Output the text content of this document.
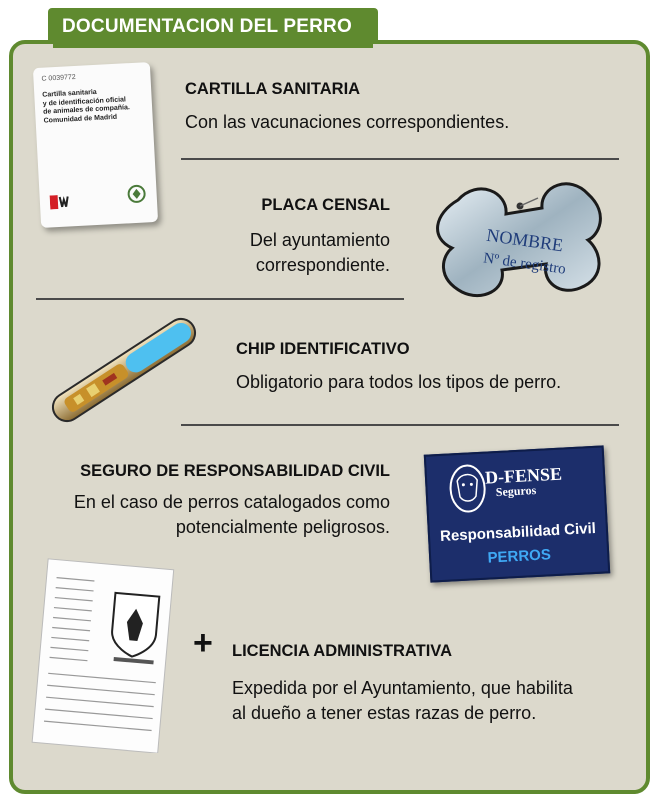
DOCUMENTACION DEL PERRO
C 0039772
Cartilla sanitaria
y de identificación oficial
de animales de compañía.
Comunidad de Madrid
CARTILLA SANITARIA
Con las vacunaciones correspondientes.
PLACA CENSAL
Del ayuntamiento
correspondiente.
NOMBRE
Nº de registro
CHIP IDENTIFICATIVO
Obligatorio para todos los tipos de perro.
SEGURO DE RESPONSABILIDAD CIVIL
En el caso de perros catalogados como
potencialmente peligrosos.
D-FENSE
Seguros
Responsabilidad Civil
PERROS
+ LICENCIA ADMINISTRATIVA
Expedida por el Ayuntamiento, que habilita
al dueño a tener estas razas de perro.
